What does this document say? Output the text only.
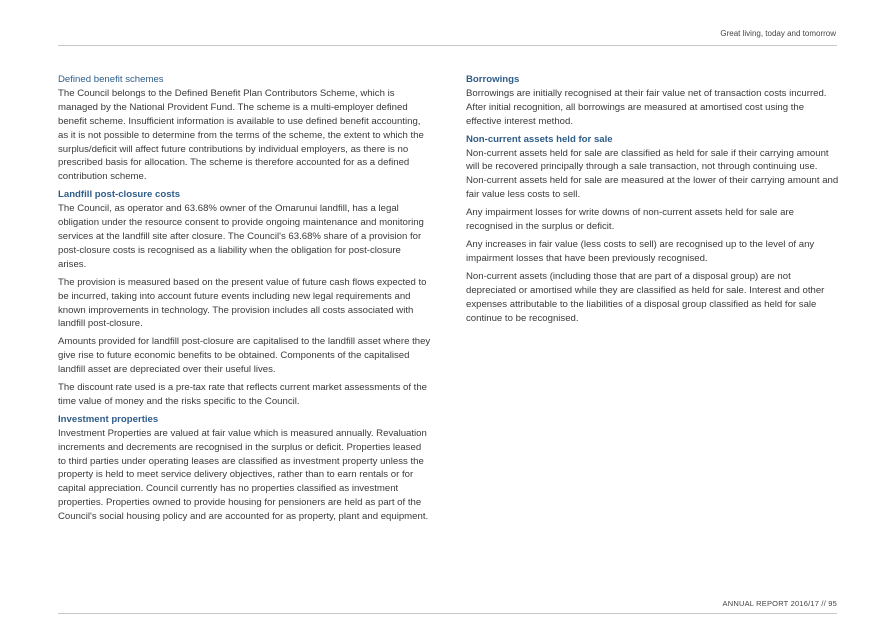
Great living, today and tomorrow

Defined benefit schemes

The Council belongs to the Defined Benefit Plan Contributors Scheme, which is managed by the National Provident Fund. The scheme is a multi-employer defined benefit scheme. Insufficient information is available to use defined benefit accounting, as it is not possible to determine from the terms of the scheme, the extent to which the surplus/deficit will affect future contributions by individual employers, as there is no prescribed basis for allocation. The scheme is therefore accounted for as a defined contribution scheme.

Landfill post-closure costs

The Council, as operator and 63.68% owner of the Omarunui landfill, has a legal obligation under the resource consent to provide ongoing maintenance and monitoring services at the landfill site after closure. The Council's 63.68% share of a provision for post-closure costs is recognised as a liability when the obligation for post-closure arises.

The provision is measured based on the present value of future cash flows expected to be incurred, taking into account future events including new legal requirements and known improvements in technology. The provision includes all costs associated with landfill post-closure.

Amounts provided for landfill post-closure are capitalised to the landfill asset where they give rise to future economic benefits to be obtained. Components of the capitalised landfill asset are depreciated over their useful lives.

The discount rate used is a pre-tax rate that reflects current market assessments of the time value of money and the risks specific to the Council.

Investment properties

Investment Properties are valued at fair value which is measured annually. Revaluation increments and decrements are recognised in the surplus or deficit. Properties leased to third parties under operating leases are classified as investment property unless the property is held to meet service delivery objectives, rather than to earn rentals or for capital appreciation. Council currently has no properties classified as investment properties. Properties owned to provide housing for pensioners are held as part of the Council's social housing policy and are accounted for as property, plant and equipment.

Borrowings

Borrowings are initially recognised at their fair value net of transaction costs incurred. After initial recognition, all borrowings are measured at amortised cost using the effective interest method.

Non-current assets held for sale

Non-current assets held for sale are classified as held for sale if their carrying amount will be recovered principally through a sale transaction, not through continuing use. Non-current assets held for sale are measured at the lower of their carrying amount and fair value less costs to sell.

Any impairment losses for write downs of non-current assets held for sale are recognised in the surplus or deficit.

Any increases in fair value (less costs to sell) are recognised up to the level of any impairment losses that have been previously recognised.

Non-current assets (including those that are part of a disposal group) are not depreciated or amortised while they are classified as held for sale. Interest and other expenses attributable to the liabilities of a disposal group classified as held for sale continue to be recognised.

ANNUAL REPORT 2016/17 // 95
